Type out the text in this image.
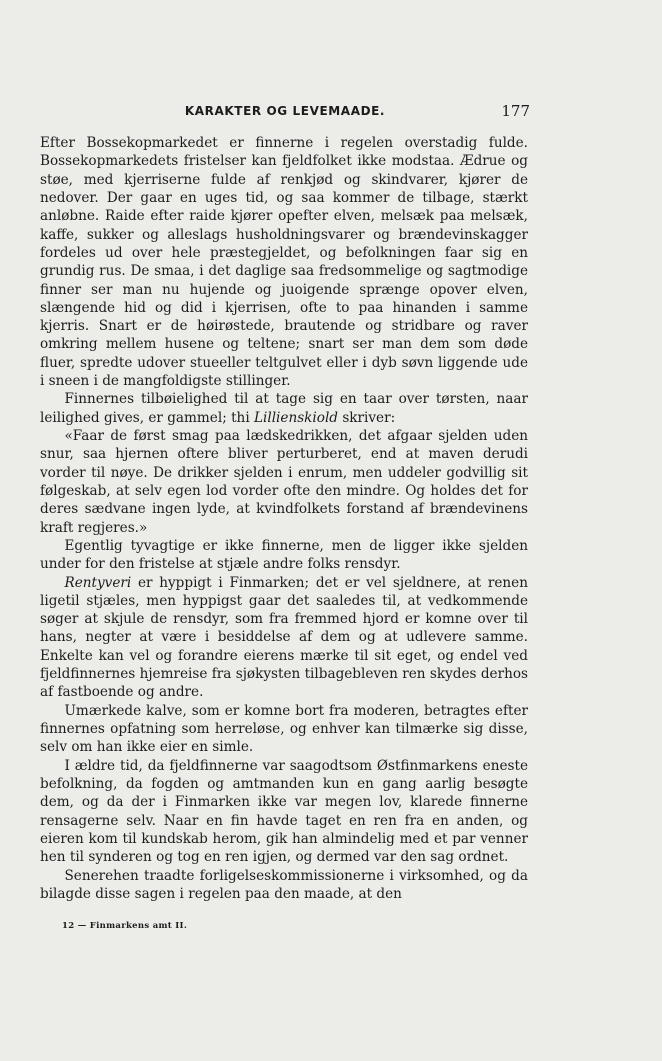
KARAKTER OG LEVEMAADE.	177

Efter Bossekopmarkedet er finnerne i regelen overstadig fulde. Bossekopmarkedets fristelser kan fjeldfolket ikke modstaa. Ædrue og støe, med kjerriserne fulde af renkjød og skindvarer, kjører de nedover. Der gaar en uges tid, og saa kommer de tilbage, stærkt anløbne. Raide efter raide kjører opefter elven, melsæk paa melsæk, kaffe, sukker og alleslags husholdningsvarer og brændevinskagger fordeles ud over hele præstegjeldet, og befolkningen faar sig en grundig rus. De smaa, i det daglige saa fredsommelige og sagtmodige finner ser man nu hujende og juoigende sprænge opover elven, slængende hid og did i kjerrisen, ofte to paa hinanden i samme kjerris. Snart er de høirøstede, brautende og stridbare og raver omkring mellem husene og teltene; snart ser man dem som døde fluer, spredte udover stueeller teltgulvet eller i dyb søvn liggende ude i sneen i de mangfoldigste stillinger.

Finnernes tilbøielighed til at tage sig en taar over tørsten, naar leilighed gives, er gammel; thi Lillienskiold skriver:

«Faar de først smag paa lædskedrikken, det afgaar sjelden uden snur, saa hjernen oftere bliver perturberet, end at maven derudi vorder til nøye. De drikker sjelden i enrum, men uddeler godvillig sit følgeskab, at selv egen lod vorder ofte den mindre. Og holdes det for deres sædvane ingen lyde, at kvindfolkets forstand af brændevinens kraft regjeres.»

Egentlig tyvagtige er ikke finnerne, men de ligger ikke sjelden under for den fristelse at stjæle andre folks rensdyr.

Rentyveri er hyppigt i Finmarken; det er vel sjeldnere, at renen ligetil stjæles, men hyppigst gaar det saaledes til, at vedkommende søger at skjule de rensdyr, som fra fremmed hjord er komne over til hans, negter at være i besiddelse af dem og at udlevere samme. Enkelte kan vel og forandre eierens mærke til sit eget, og endel ved fjeldfinnernes hjemreise fra sjøkysten tilbagebleven ren skydes derhos af fastboende og andre.

Umærkede kalve, som er komne bort fra moderen, betragtes efter finnernes opfatning som herreløse, og enhver kan tilmærke sig disse, selv om han ikke eier en simle.

I ældre tid, da fjeldfinnerne var saagodtsom Østfinmarkens eneste befolkning, da fogden og amtmanden kun en gang aarlig besøgte dem, og da der i Finmarken ikke var megen lov, klarede finnerne rensagerne selv. Naar en fin havde taget en ren fra en anden, og eieren kom til kundskab herom, gik han almindelig med et par venner hen til synderen og tog en ren igjen, og dermed var den sag ordnet.

Senerehen traadte forligelseskommissionerne i virksomhed, og da bilagde disse sagen i regelen paa den maade, at den

12 — Finmarkens amt II.
